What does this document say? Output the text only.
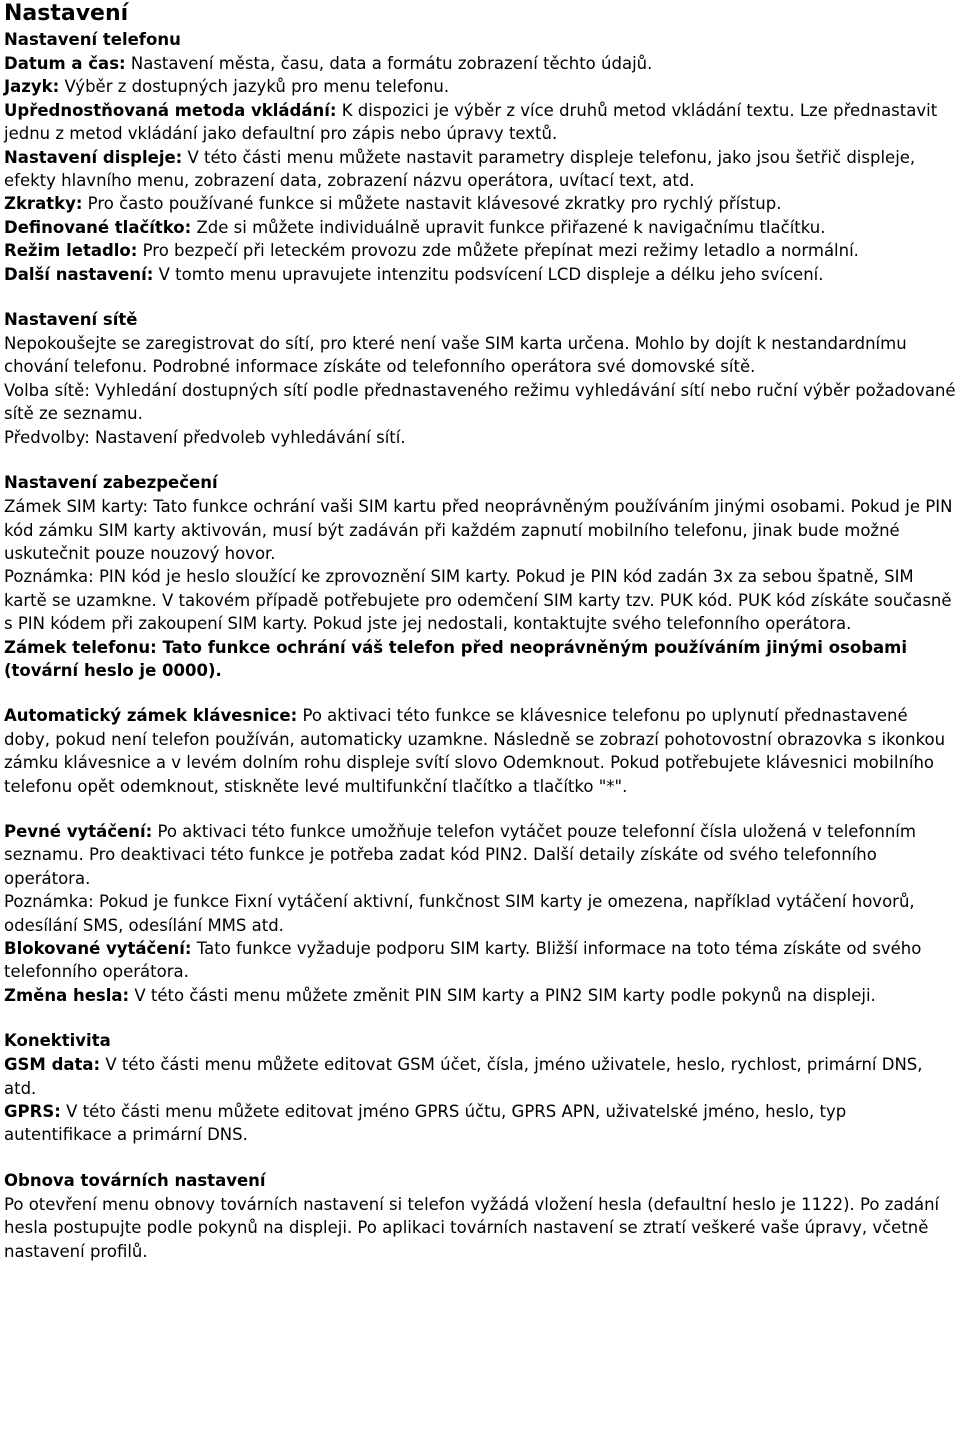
Nastavení
Nastavení telefonu

Datum a čas: Nastavení města, času, data a formátu zobrazení těchto údajů.

Jazyk: Výběr z dostupných jazyků pro menu telefonu.

Upřednostňovaná metoda vkládání: K dispozici je výběr z více druhů metod vkládání textu. Lze přednastavit jednu z metod vkládání jako defaultní pro zápis nebo úpravy textů.

Nastavení displeje: V této části menu můžete nastavit parametry displeje telefonu, jako jsou šetřič displeje, efekty hlavního menu, zobrazení data, zobrazení názvu operátora, uvítací text, atd.

Zkratky: Pro často používané funkce si můžete nastavit klávesové zkratky pro rychlý přístup.

Definované tlačítko: Zde si můžete individuálně upravit funkce přiřazené k navigačnímu tlačítku.

Režim letadlo: Pro bezpečí při leteckém provozu zde můžete přepínat mezi režimy letadlo a normální.

Další nastavení: V tomto menu upravujete intenzitu podsvícení LCD displeje a délku jeho svícení.

Nastavení sítě

Nepokoušejte se zaregistrovat do sítí, pro které není vaše SIM karta určena. Mohlo by dojít k nestandardnímu chování telefonu. Podrobné informace získáte od telefonního operátora své domovské sítě.

Volba sítě: Vyhledání dostupných sítí podle přednastaveného režimu vyhledávání sítí nebo ruční výběr požadované sítě ze seznamu.

Předvolby: Nastavení předvoleb vyhledávání sítí.

Nastavení zabezpečení

Zámek SIM karty: Tato funkce ochrání vaši SIM kartu před neoprávněným používáním jinými osobami. Pokud je PIN kód zámku SIM karty aktivován, musí být zadáván při každém zapnutí mobilního telefonu, jinak bude možné uskutečnit pouze nouzový hovor.

Poznámka: PIN kód je heslo sloužící ke zprovoznění SIM karty. Pokud je PIN kód zadán 3x za sebou špatně, SIM kartě se uzamkne. V takovém případě potřebujete pro odemčení SIM karty tzv. PUK kód. PUK kód získáte současně s PIN kódem při zakoupení SIM karty. Pokud jste jej nedostali, kontaktujte svého telefonního operátora.

Zámek telefonu: Tato funkce ochrání váš telefon před neoprávněným používáním jinými osobami (tovární heslo je 0000).

Automatický zámek klávesnice: Po aktivaci této funkce se klávesnice telefonu po uplynutí přednastavené doby, pokud není telefon používán, automaticky uzamkne. Následně se zobrazí pohotovostní obrazovka s ikonkou zámku klávesnice a v levém dolním rohu displeje svítí slovo Odemknout. Pokud potřebujete klávesnici mobilního telefonu opět odemknout, stiskněte levé multifunkční tlačítko a tlačítko "*".

Pevné vytáčení: Po aktivaci této funkce umožňuje telefon vytáčet pouze telefonní čísla uložená v telefonním seznamu. Pro deaktivaci této funkce je potřeba zadat kód PIN2. Další detaily získáte od svého telefonního operátora.

Poznámka: Pokud je funkce Fixní vytáčení aktivní, funkčnost SIM karty je omezena, například vytáčení hovorů, odesílání SMS, odesílání MMS atd.

Blokované vytáčení: Tato funkce vyžaduje podporu SIM karty. Bližší informace na toto téma získáte od svého telefonního operátora.

Změna hesla: V této části menu můžete změnit PIN SIM karty a PIN2 SIM karty podle pokynů na displeji.

Konektivita

GSM data: V této části menu můžete editovat GSM účet, čísla, jméno uživatele, heslo, rychlost, primární DNS, atd.

GPRS: V této části menu můžete editovat jméno GPRS účtu, GPRS APN, uživatelské jméno, heslo, typ autentifikace a primární DNS.

Obnova továrních nastavení

Po otevření menu obnovy továrních nastavení si telefon vyžádá vložení hesla (defaultní heslo je 1122). Po zadání hesla postupujte podle pokynů na displeji. Po aplikaci továrních nastavení se ztratí veškeré vaše úpravy, včetně nastavení profilů.
